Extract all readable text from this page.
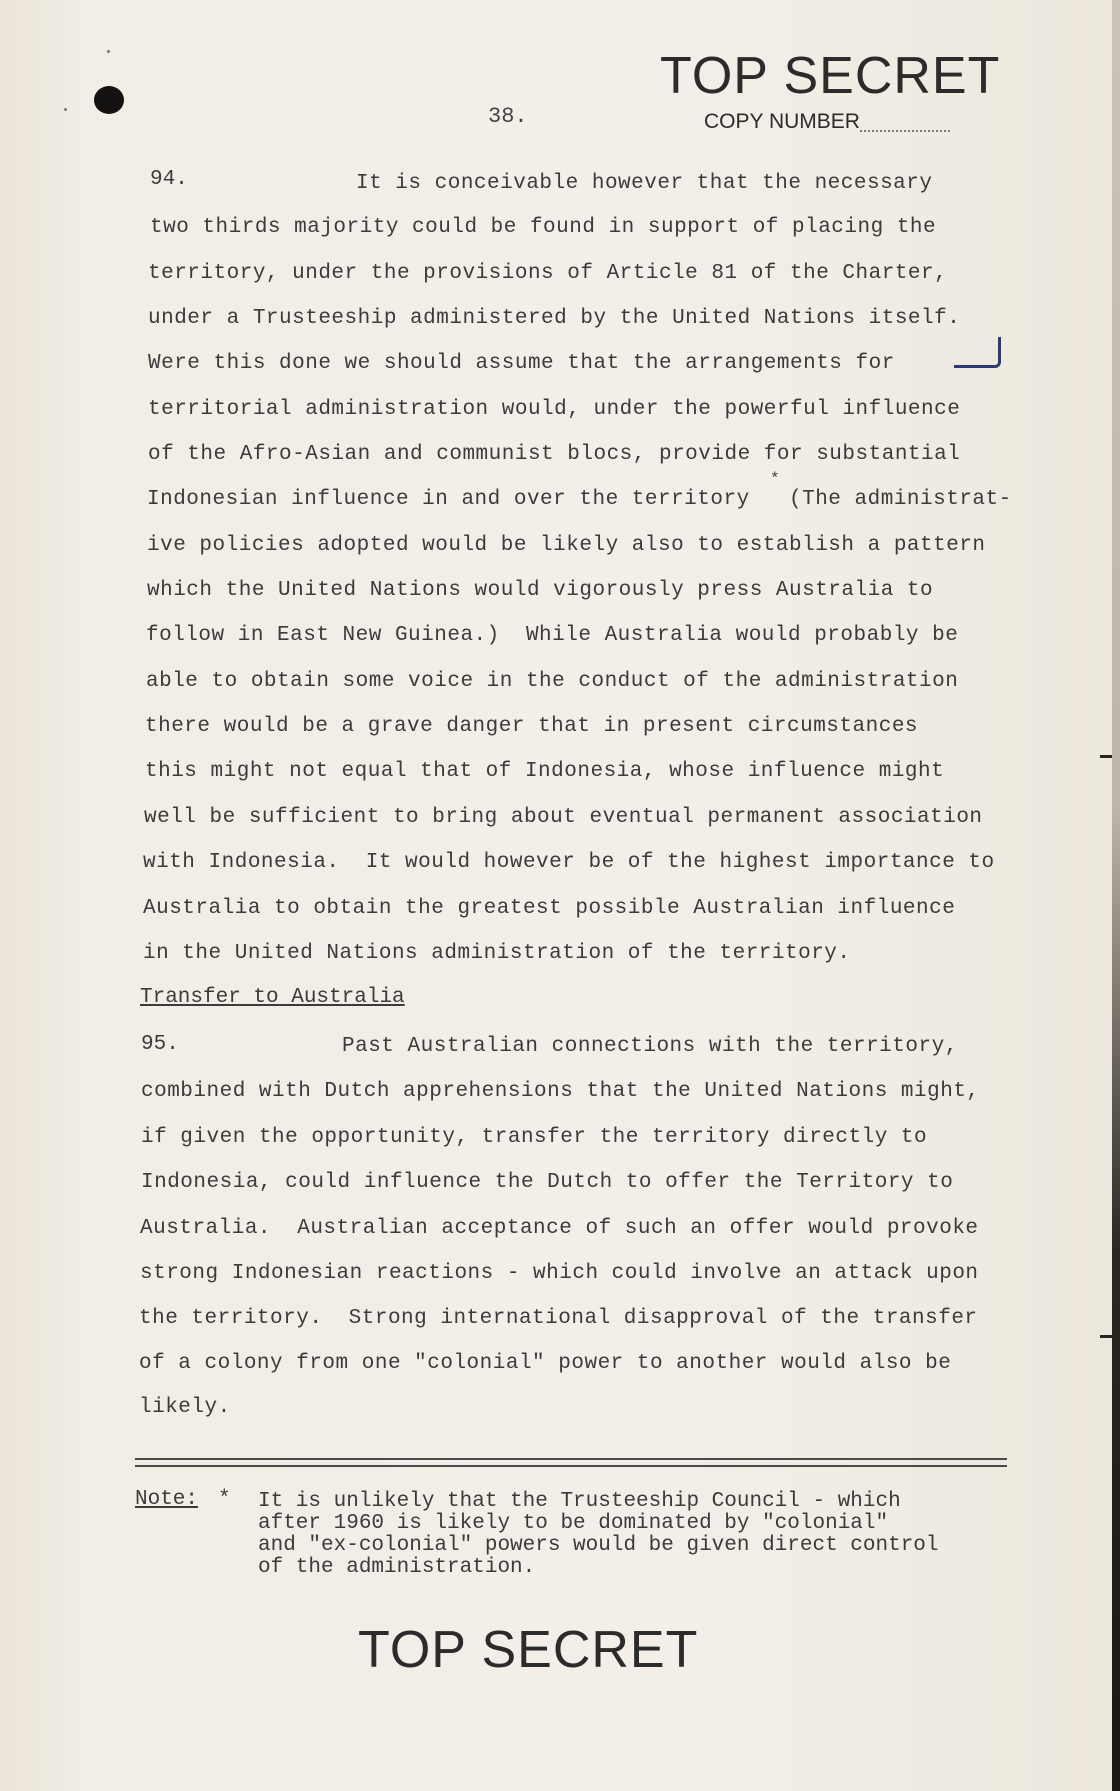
TOP SECRET
38.	COPY NUMBER
94.	It is conceivable however that the necessary
two thirds majority could be found in support of placing the
territory, under the provisions of Article 81 of the Charter,
under a Trusteeship administered by the United Nations itself.
Were this done we should assume that the arrangements for
territorial administration would, under the powerful influence
of the Afro-Asian and communist blocs, provide for substantial
*
Indonesian influence in and over the territory   (The administrat-
ive policies adopted would be likely also to establish a pattern
which the United Nations would vigorously press Australia to
follow in East New Guinea.)  While Australia would probably be
able to obtain some voice in the conduct of the administration
there would be a grave danger that in present circumstances
this might not equal that of Indonesia, whose influence might
well be sufficient to bring about eventual permanent association
with Indonesia.  It would however be of the highest importance to
Australia to obtain the greatest possible Australian influence
in the United Nations administration of the territory.
Transfer to Australia
95.	Past Australian connections with the territory,
combined with Dutch apprehensions that the United Nations might,
if given the opportunity, transfer the territory directly to
Indonesia, could influence the Dutch to offer the Territory to
Australia.  Australian acceptance of such an offer would provoke
strong Indonesian reactions - which could involve an attack upon
the territory.  Strong international disapproval of the transfer
of a colony from one "colonial" power to another would also be
likely.
Note: * It is unlikely that the Trusteeship Council - which
after 1960 is likely to be dominated by "colonial"
and "ex-colonial" powers would be given direct control
of the administration.
TOP SECRET
